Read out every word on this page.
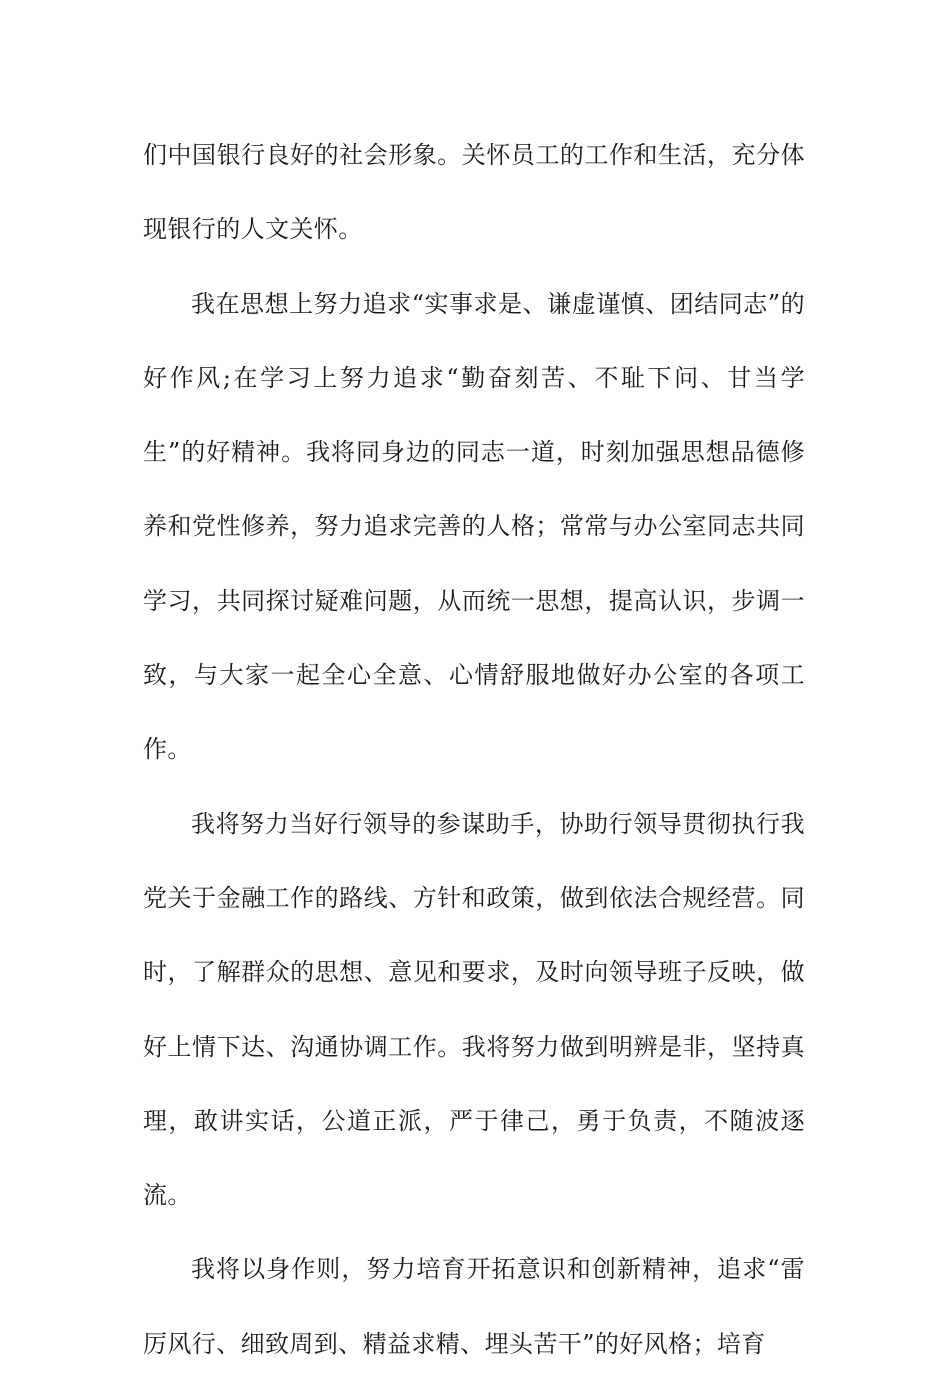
们中国银行良好的社会形象。关怀员工的工作和生活，充分体现银行的人文关怀。

我在思想上努力追求“实事求是、谦虚谨慎、团结同志”的好作风;在学习上努力追求“勤奋刻苦、不耻下问、甘当学生”的好精神。我将同身边的同志一道，时刻加强思想品德修养和党性修养，努力追求完善的人格；常常与办公室同志共同学习，共同探讨疑难问题，从而统一思想，提高认识，步调一致，与大家一起全心全意、心情舒服地做好办公室的各项工作。

我将努力当好行领导的参谋助手，协助行领导贯彻执行我党关于金融工作的路线、方针和政策，做到依法合规经营。同时，了解群众的思想、意见和要求，及时向领导班子反映，做好上情下达、沟通协调工作。我将努力做到明辨是非，坚持真理，敢讲实话，公道正派，严于律己，勇于负责，不随波逐流。

我将以身作则，努力培育开拓意识和创新精神，追求“雷厉风行、细致周到、精益求精、埋头苦干”的好风格；培育
